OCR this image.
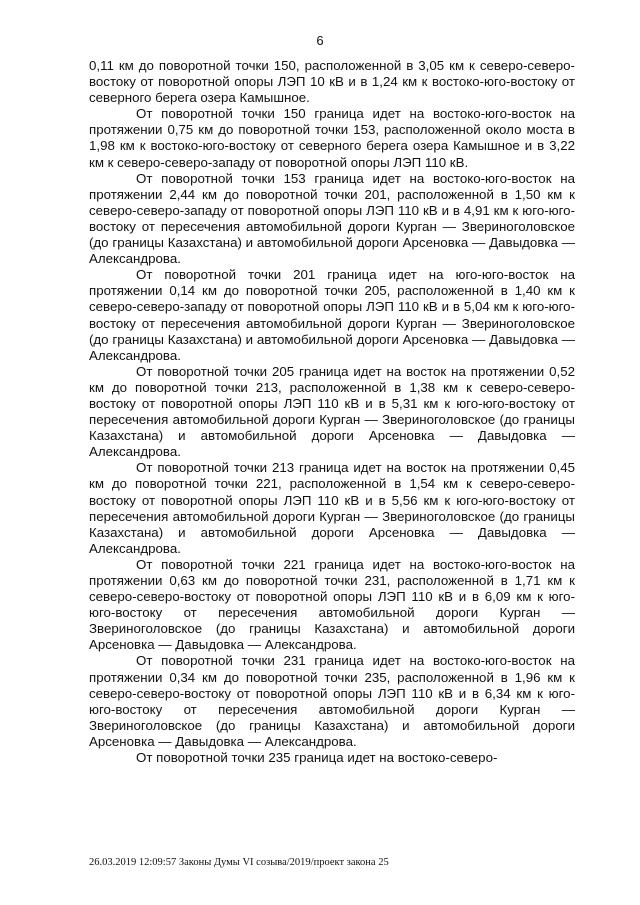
6

0,11 км до поворотной точки 150, расположенной в 3,05 км к северо-северо-востоку от поворотной опоры ЛЭП 10 кВ и в 1,24 км к востоко-юго-востоку от северного берега озера Камышное.

От поворотной точки 150 граница идет на востоко-юго-восток на протяжении 0,75 км до поворотной точки 153, расположенной около моста в 1,98 км к востоко-юго-востоку от северного берега озера Камышное и в 3,22 км к северо-северо-западу от поворотной опоры ЛЭП 110 кВ.

От поворотной точки 153 граница идет на востоко-юго-восток на протяжении 2,44 км до поворотной точки 201, расположенной в 1,50 км к северо-северо-западу от поворотной опоры ЛЭП 110 кВ и в 4,91 км к юго-юго-востоку от пересечения автомобильной дороги Курган — Звериноголовское (до границы Казахстана) и автомобильной дороги Арсеновка — Давыдовка — Александрова.

От поворотной точки 201 граница идет на юго-юго-восток на протяжении 0,14 км до поворотной точки 205, расположенной в 1,40 км к северо-северо-западу от поворотной опоры ЛЭП 110 кВ и в 5,04 км к юго-юго-востоку от пересечения автомобильной дороги Курган — Звериноголовское (до границы Казахстана) и автомобильной дороги Арсеновка — Давыдовка — Александрова.

От поворотной точки 205 граница идет на восток на протяжении 0,52 км до поворотной точки 213, расположенной в 1,38 км к северо-северо-востоку от поворотной опоры ЛЭП 110 кВ и в 5,31 км к юго-юго-востоку от пересечения автомобильной дороги Курган — Звериноголовское (до границы Казахстана) и автомобильной дороги Арсеновка — Давыдовка — Александрова.

От поворотной точки 213 граница идет на восток на протяжении 0,45 км до поворотной точки 221, расположенной в 1,54 км к северо-северо-востоку от поворотной опоры ЛЭП 110 кВ и в 5,56 км к юго-юго-востоку от пересечения автомобильной дороги Курган — Звериноголовское (до границы Казахстана) и автомобильной дороги Арсеновка — Давыдовка — Александрова.

От поворотной точки 221 граница идет на востоко-юго-восток на протяжении 0,63 км до поворотной точки 231, расположенной в 1,71 км к северо-северо-востоку от поворотной опоры ЛЭП 110 кВ и в 6,09 км к юго-юго-востоку от пересечения автомобильной дороги Курган — Звериноголовское (до границы Казахстана) и автомобильной дороги Арсеновка — Давыдовка — Александрова.

От поворотной точки 231 граница идет на востоко-юго-восток на протяжении 0,34 км до поворотной точки 235, расположенной в 1,96 км к северо-северо-востоку от поворотной опоры ЛЭП 110 кВ и в 6,34 км к юго-юго-востоку от пересечения автомобильной дороги Курган — Звериноголовское (до границы Казахстана) и автомобильной дороги Арсеновка — Давыдовка — Александрова.

От поворотной точки 235 граница идет на востоко-северо-

26.03.2019 12:09:57 Законы Думы VI созыва/2019/проект закона 25
